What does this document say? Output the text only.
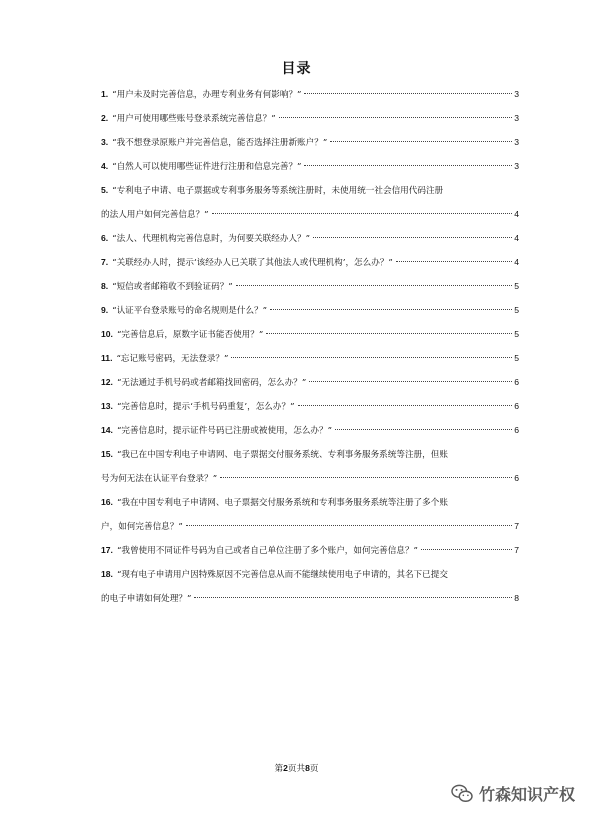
目录
1. “用户未及时完善信息，办理专利业务有何影响？”	3
2. “用户可使用哪些账号登录系统完善信息？”	3
3. “我不想登录原账户并完善信息，能否选择注册新账户？”	3
4. “自然人可以使用哪些证件进行注册和信息完善？”	3
5. “专利电子申请、电子票据或专利事务服务等系统注册时，未使用统一社会信用代码注册
的法人用户如何完善信息？”	4
6. “法人、代理机构完善信息时，为何要关联经办人？”	4
7. “关联经办人时，提示‘该经办人已关联了其他法人或代理机构’，怎么办？”	4
8. “短信或者邮箱收不到验证码？”	5
9. “认证平台登录账号的命名规则是什么？”	5
10. “完善信息后，原数字证书能否使用？”	5
11. “忘记账号密码，无法登录？”	5
12. “无法通过手机号码或者邮箱找回密码，怎么办？”	6
13. “完善信息时，提示‘手机号码重复’，怎么办？”	6
14. “完善信息时，提示证件号码已注册或被使用，怎么办？”	6
15. “我已在中国专利电子申请网、电子票据交付服务系统、专利事务服务系统等注册，但账
号为何无法在认证平台登录？”	6
16. “我在中国专利电子申请网、电子票据交付服务系统和专利事务服务系统等注册了多个账
户，如何完善信息？”	7
17. “我曾使用不同证件号码为自己或者自己单位注册了多个账户，如何完善信息？”	7
18. “现有电子申请用户因特殊原因不完善信息从而不能继续使用电子申请的，其名下已提交
的电子申请如何处理？”	8
第2页共8页
竹森知识产权
